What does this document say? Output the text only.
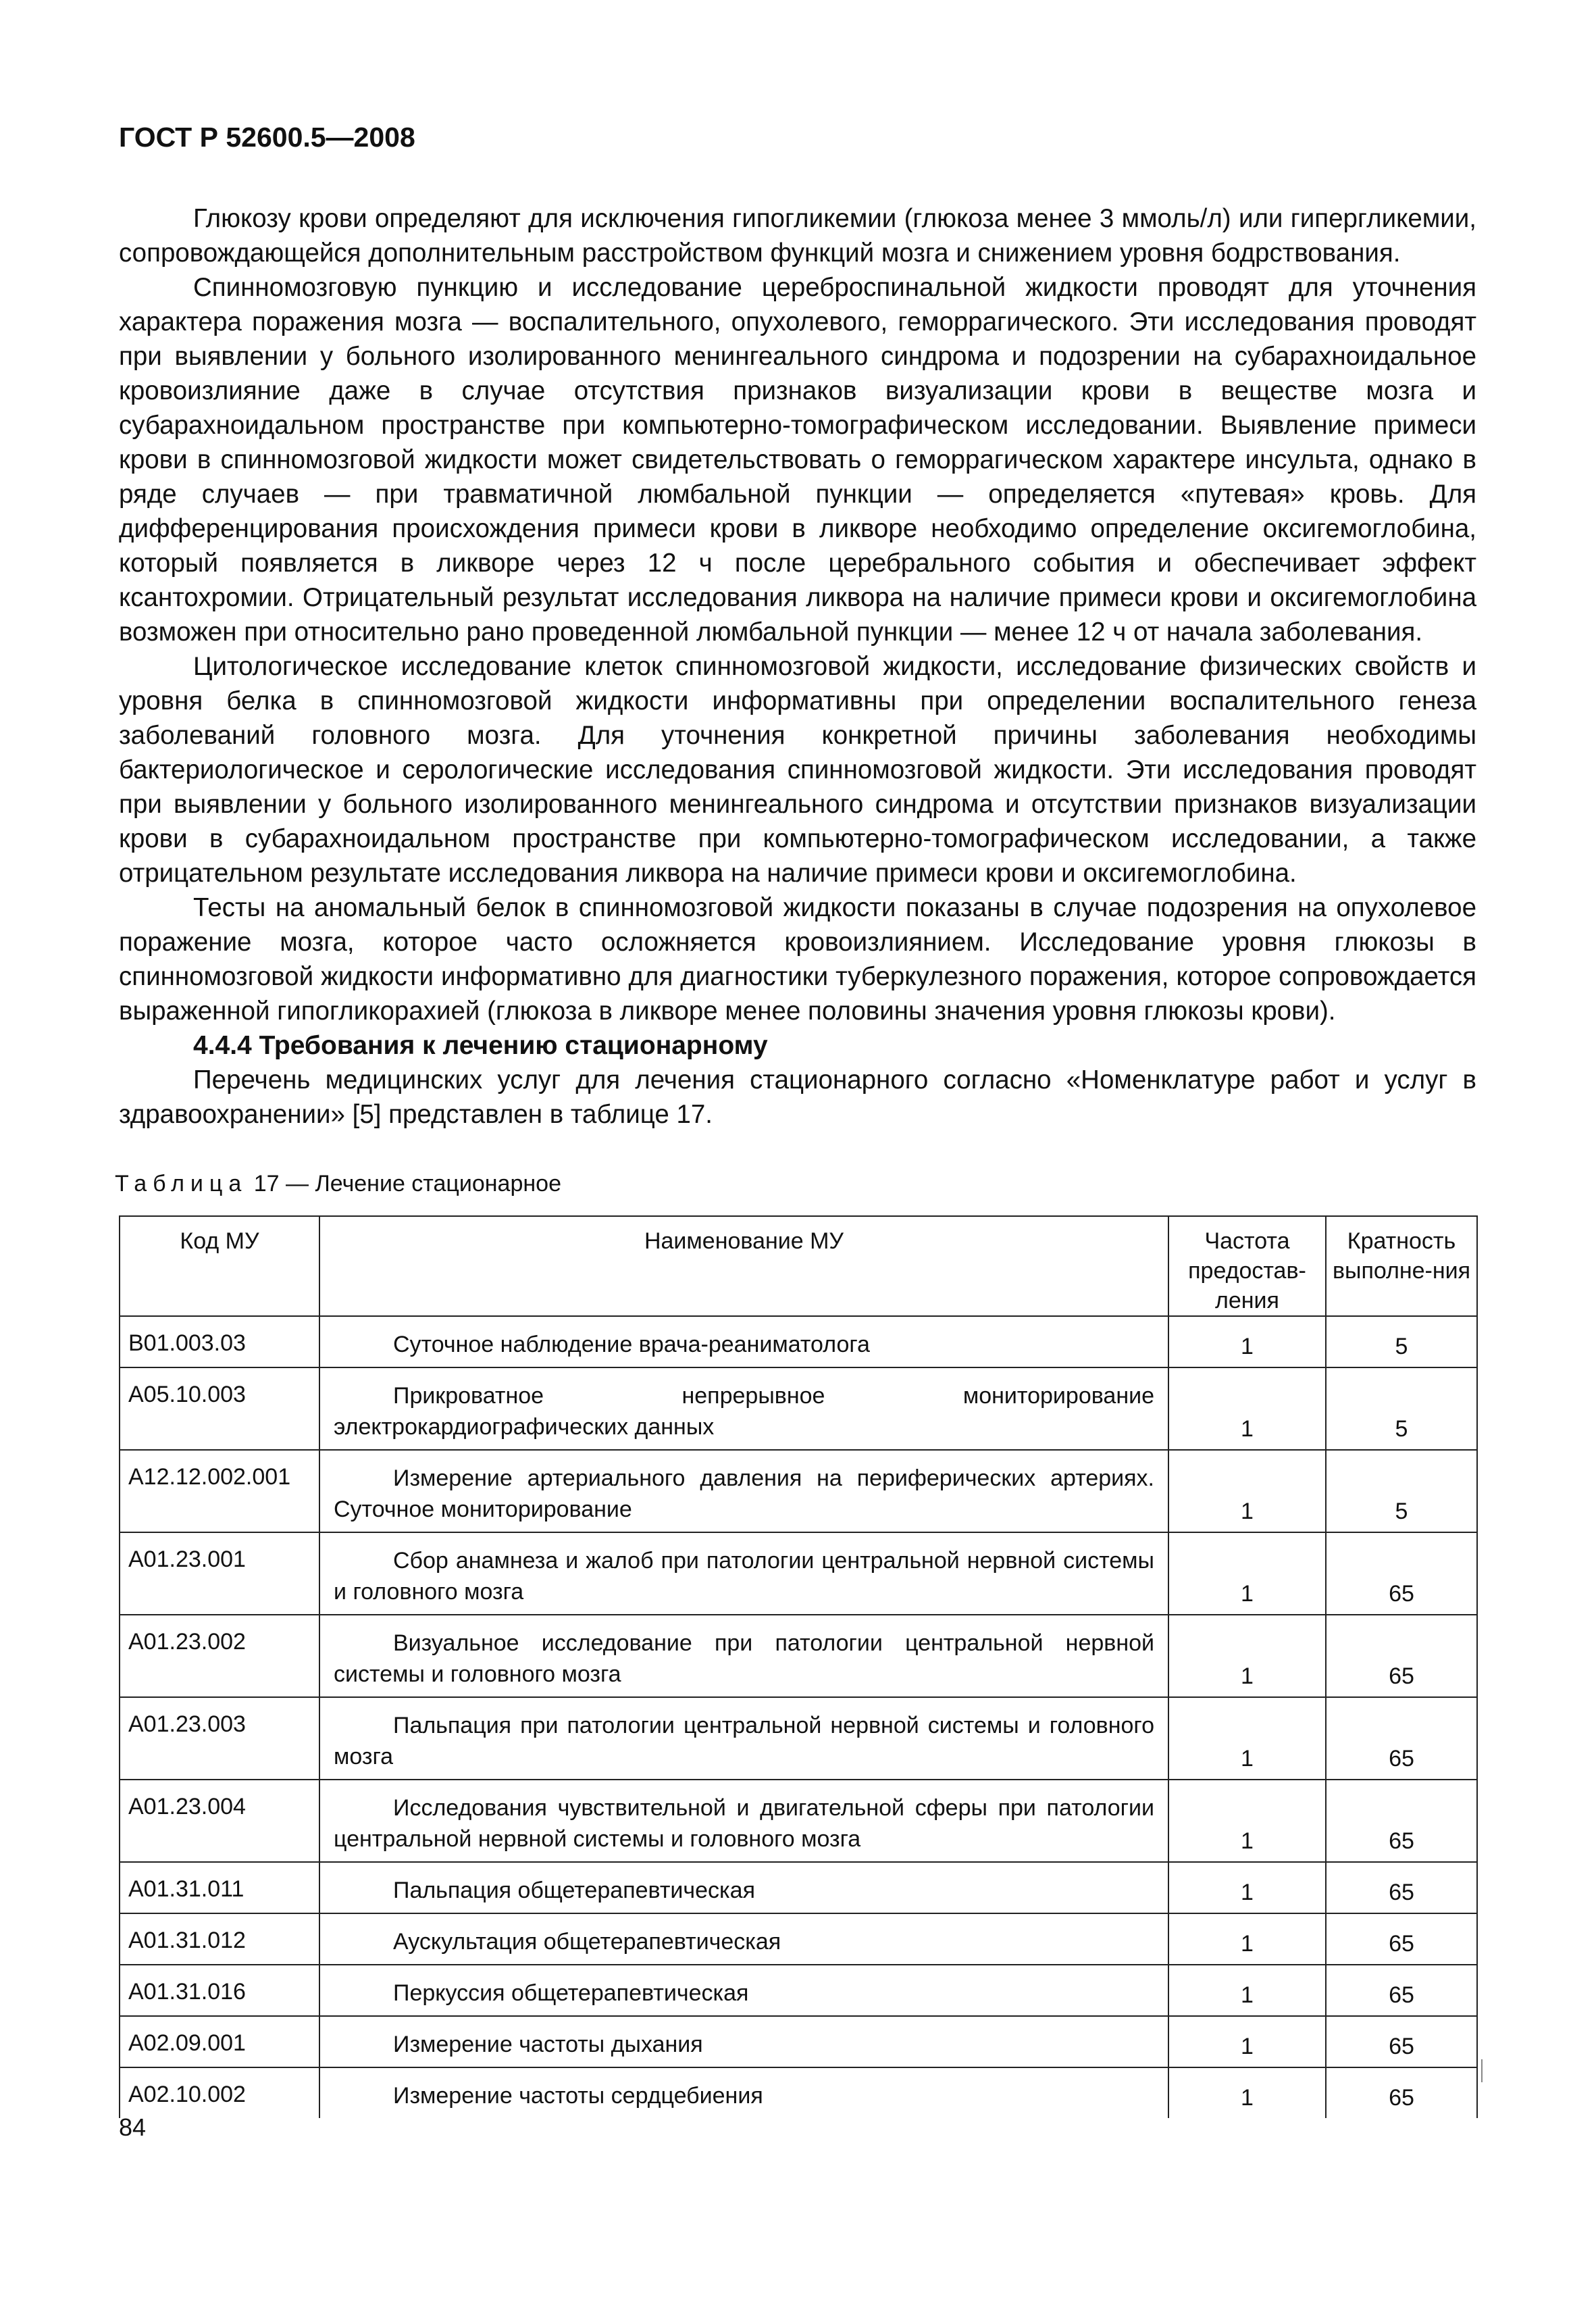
ГОСТ Р 52600.5—2008

Глюкозу крови определяют для исключения гипогликемии (глюкоза менее 3 ммоль/л) или гипергликемии, сопровождающейся дополнительным расстройством функций мозга и снижением уровня бодрствования.

Спинномозговую пункцию и исследование цереброспинальной жидкости проводят для уточнения характера поражения мозга — воспалительного, опухолевого, геморрагического. Эти исследования проводят при выявлении у больного изолированного менингеального синдрома и подозрении на субарахноидальное кровоизлияние даже в случае отсутствия признаков визуализации крови в веществе мозга и субарахноидальном пространстве при компьютерно-томографическом исследовании. Выявление примеси крови в спинномозговой жидкости может свидетельствовать о геморрагическом характере инсульта, однако в ряде случаев — при травматичной люмбальной пункции — определяется «путевая» кровь. Для дифференцирования происхождения примеси крови в ликворе необходимо определение оксигемоглобина, который появляется в ликворе через 12 ч после церебрального события и обеспечивает эффект ксантохромии. Отрицательный результат исследования ликвора на наличие примеси крови и оксигемоглобина возможен при относительно рано проведенной люмбальной пункции — менее 12 ч от начала заболевания.

Цитологическое исследование клеток спинномозговой жидкости, исследование физических свойств и уровня белка в спинномозговой жидкости информативны при определении воспалительного генеза заболеваний головного мозга. Для уточнения конкретной причины заболевания необходимы бактериологическое и серологические исследования спинномозговой жидкости. Эти исследования проводят при выявлении у больного изолированного менингеального синдрома и отсутствии признаков визуализации крови в субарахноидальном пространстве при компьютерно-томографическом исследовании, а также отрицательном результате исследования ликвора на наличие примеси крови и оксигемоглобина.

Тесты на аномальный белок в спинномозговой жидкости показаны в случае подозрения на опухолевое поражение мозга, которое часто осложняется кровоизлиянием. Исследование уровня глюкозы в спинномозговой жидкости информативно для диагностики туберкулезного поражения, которое сопровождается выраженной гипогликорахией (глюкоза в ликворе менее половины значения уровня глюкозы крови).

4.4.4 Требования к лечению стационарному

Перечень медицинских услуг для лечения стационарного согласно «Номенклатуре работ и услуг в здравоохранении» [5] представлен в таблице 17.

Таблица 17 — Лечение стационарное
Код МУ	Наименование МУ	Частота предостав-ления	Кратность выполне-ния
B01.003.03	Суточное наблюдение врача-реаниматолога	1	5
A05.10.003	Прикроватное непрерывное мониторирование электрокардиографических данных	1	5
A12.12.002.001	Измерение артериального давления на периферических артериях. Суточное мониторирование	1	5
A01.23.001	Сбор анамнеза и жалоб при патологии центральной нервной системы и головного мозга	1	65
A01.23.002	Визуальное исследование при патологии центральной нервной системы и головного мозга	1	65
A01.23.003	Пальпация при патологии центральной нервной системы и головного мозга	1	65
A01.23.004	Исследования чувствительной и двигательной сферы при патологии центральной нервной системы и головного мозга	1	65
A01.31.011	Пальпация общетерапевтическая	1	65
A01.31.012	Аускультация общетерапевтическая	1	65
A01.31.016	Перкуссия общетерапевтическая	1	65
A02.09.001	Измерение частоты дыхания	1	65
A02.10.002	Измерение частоты сердцебиения	1	65
84
